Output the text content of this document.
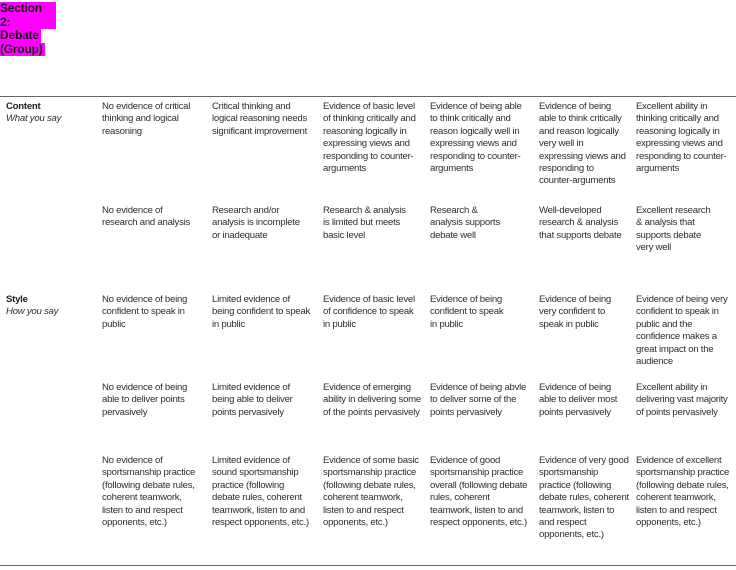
Section 2:
Debate
(Group)
Content
What you say
No evidence of critical thinking and logical reasoning
Critical thinking and logical reasoning needs significant improvement
Evidence of basic level of thinking critically and reasoning logically in expressing views and responding to counter-arguments
Evidence of being able to think critically and reason logically well in expressing views and responding to counter-arguments
Evidence of being able to think critically and reason logically very well in expressing views and responding to counter-arguments
Excellent ability in thinking critically and reasoning logically in expressing views and responding to counter-arguments
No evidence of research and analysis
Research and/or analysis is incomplete or inadequate
Research & analysis is limited but meets basic level
Research & analysis supports debate well
Well-developed research & analysis that supports debate
Excellent research & analysis that supports debate very well
Style
How you say
No evidence of being confident to speak in public
Limited evidence of being confident to speak in public
Evidence of basic level of confidence to speak in public
Evidence of being confident to speak in public
Evidence of being very confident to speak in public
Evidence of being very confident to speak in public and the confidence makes a great impact on the audience
No evidence of being able to deliver points pervasively
Limited evidence of being able to deliver points pervasively
Evidence of emerging ability in delivering some of the points pervasively
Evidence of being abvle to deliver some of the points pervasively
Evidence of being able to deliver most points pervasively
Excellent ability in delivering vast majority of points pervasively
No evidence of sportsmanship practice (following debate rules, coherent teamwork, listen to and respect opponents, etc.)
Limited evidence of sound sportsmanship practice (following debate rules, coherent teamwork, listen to and respect opponents, etc.)
Evidence of some basic sportsmanship practice (following debate rules, coherent teamwork, listen to and respect opponents, etc.)
Evidence of good sportsmanship practice overall (following debate rules, coherent teamwork, listen to and respect opponents, etc.)
Evidence of very good sportsmanship practice (following debate rules, coherent teamwork, listen to and respect opponents, etc.)
Evidence of excellent sportsmanship practice (following debate rules, coherent teamwork, listen to and respect opponents, etc.)
